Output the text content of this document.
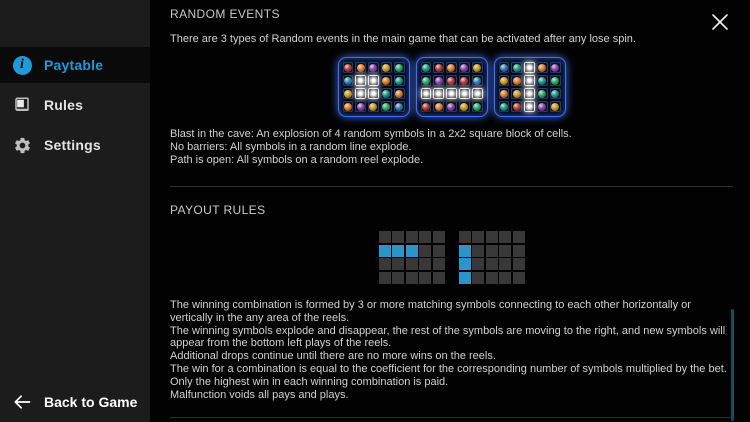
i	Paytable
Rules
Settings
Back to Game
RANDOM EVENTS

There are 3 types of Random events in the main game that can be activated after any lose spin.

Blast in the cave: An explosion of 4 random symbols in a 2x2 square block of cells.

No barriers: All symbols in a random line explode.

Path is open: All symbols on a random reel explode.

PAYOUT RULES

The winning combination is formed by 3 or more matching symbols connecting to each other horizontally or vertically in the any area of the reels.

The winning symbols explode and disappear, the rest of the symbols are moving to the right, and new symbols will appear from the bottom left plays of the reels.

Additional drops continue until there are no more wins on the reels.

The win for a combination is equal to the coefficient for the corresponding number of symbols multiplied by the bet.

Only the highest win in each winning combination is paid.

Malfunction voids all pays and plays.
